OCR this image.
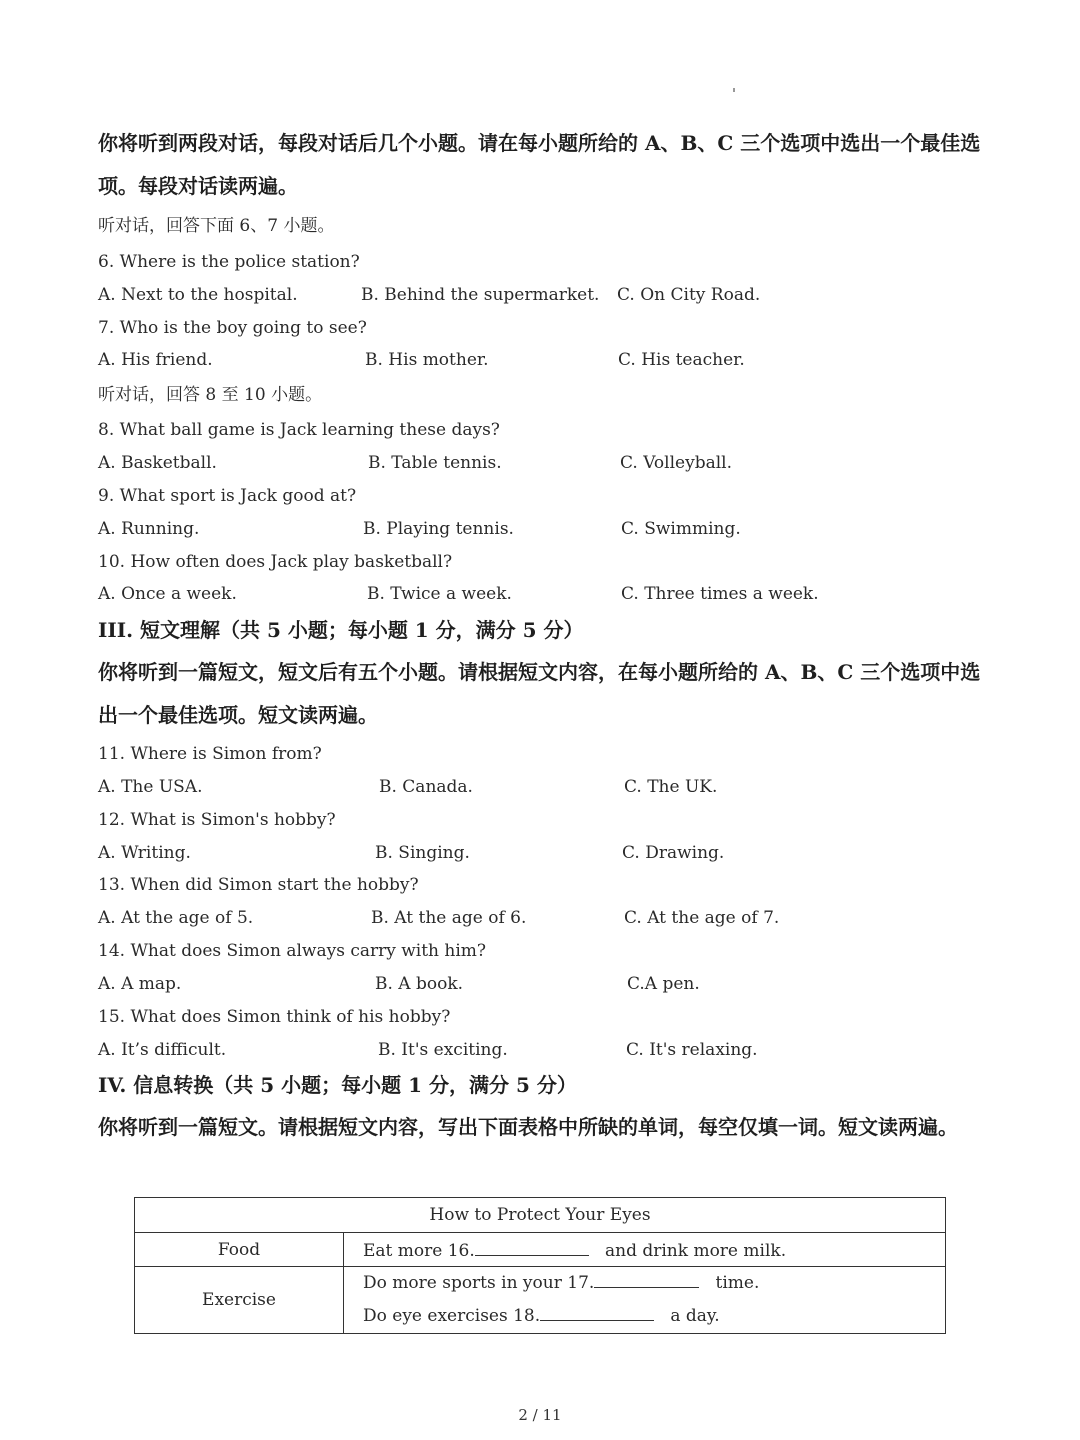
你将听到两段对话，每段对话后几个小题。请在每小题所给的 A、B、C 三个选项中选出一个最佳选项。每段对话读两遍。
听对话，回答下面 6、7 小题。
6. Where is the police station?
A. Next to the hospital.	B. Behind the supermarket. C. On City Road.
7. Who is the boy going to see?
A. His friend.	B. His mother.	C. His teacher.
听对话，回答 8 至 10 小题。
8. What ball game is Jack learning these days?
A. Basketball.	B. Table tennis.	C. Volleyball.
9. What sport is Jack good at?
A. Running.	B. Playing tennis.	C. Swimming.
10. How often does Jack play basketball?
A. Once a week.	B. Twice a week.	C. Three times a week.
III. 短文理解（共 5 小题；每小题 1 分，满分 5 分）
你将听到一篇短文，短文后有五个小题。请根据短文内容，在每小题所给的 A、B、C 三个选项中选出一个最佳选项。短文读两遍。
11. Where is Simon from?
A. The USA.	B. Canada.	C. The UK.
12. What is Simon's hobby?
A. Writing.	B. Singing.	C. Drawing.
13. When did Simon start the hobby?
A. At the age of 5.	B. At the age of 6.	C. At the age of 7.
14. What does Simon always carry with him?
A. A map.	B. A book.	C.A pen.
15. What does Simon think of his hobby?
A. It’s difficult.	B. It's exciting.	C. It's relaxing.
IV. 信息转换（共 5 小题；每小题 1 分，满分 5 分）
你将听到一篇短文。请根据短文内容，写出下面表格中所缺的单词，每空仅填一词。短文读两遍。
How to Protect Your Eyes	
Food	Eat more 16. and drink more milk.
Exercise	Do more sports in your 17. time.
Do eye exercises 18. a day.
2 / 11
